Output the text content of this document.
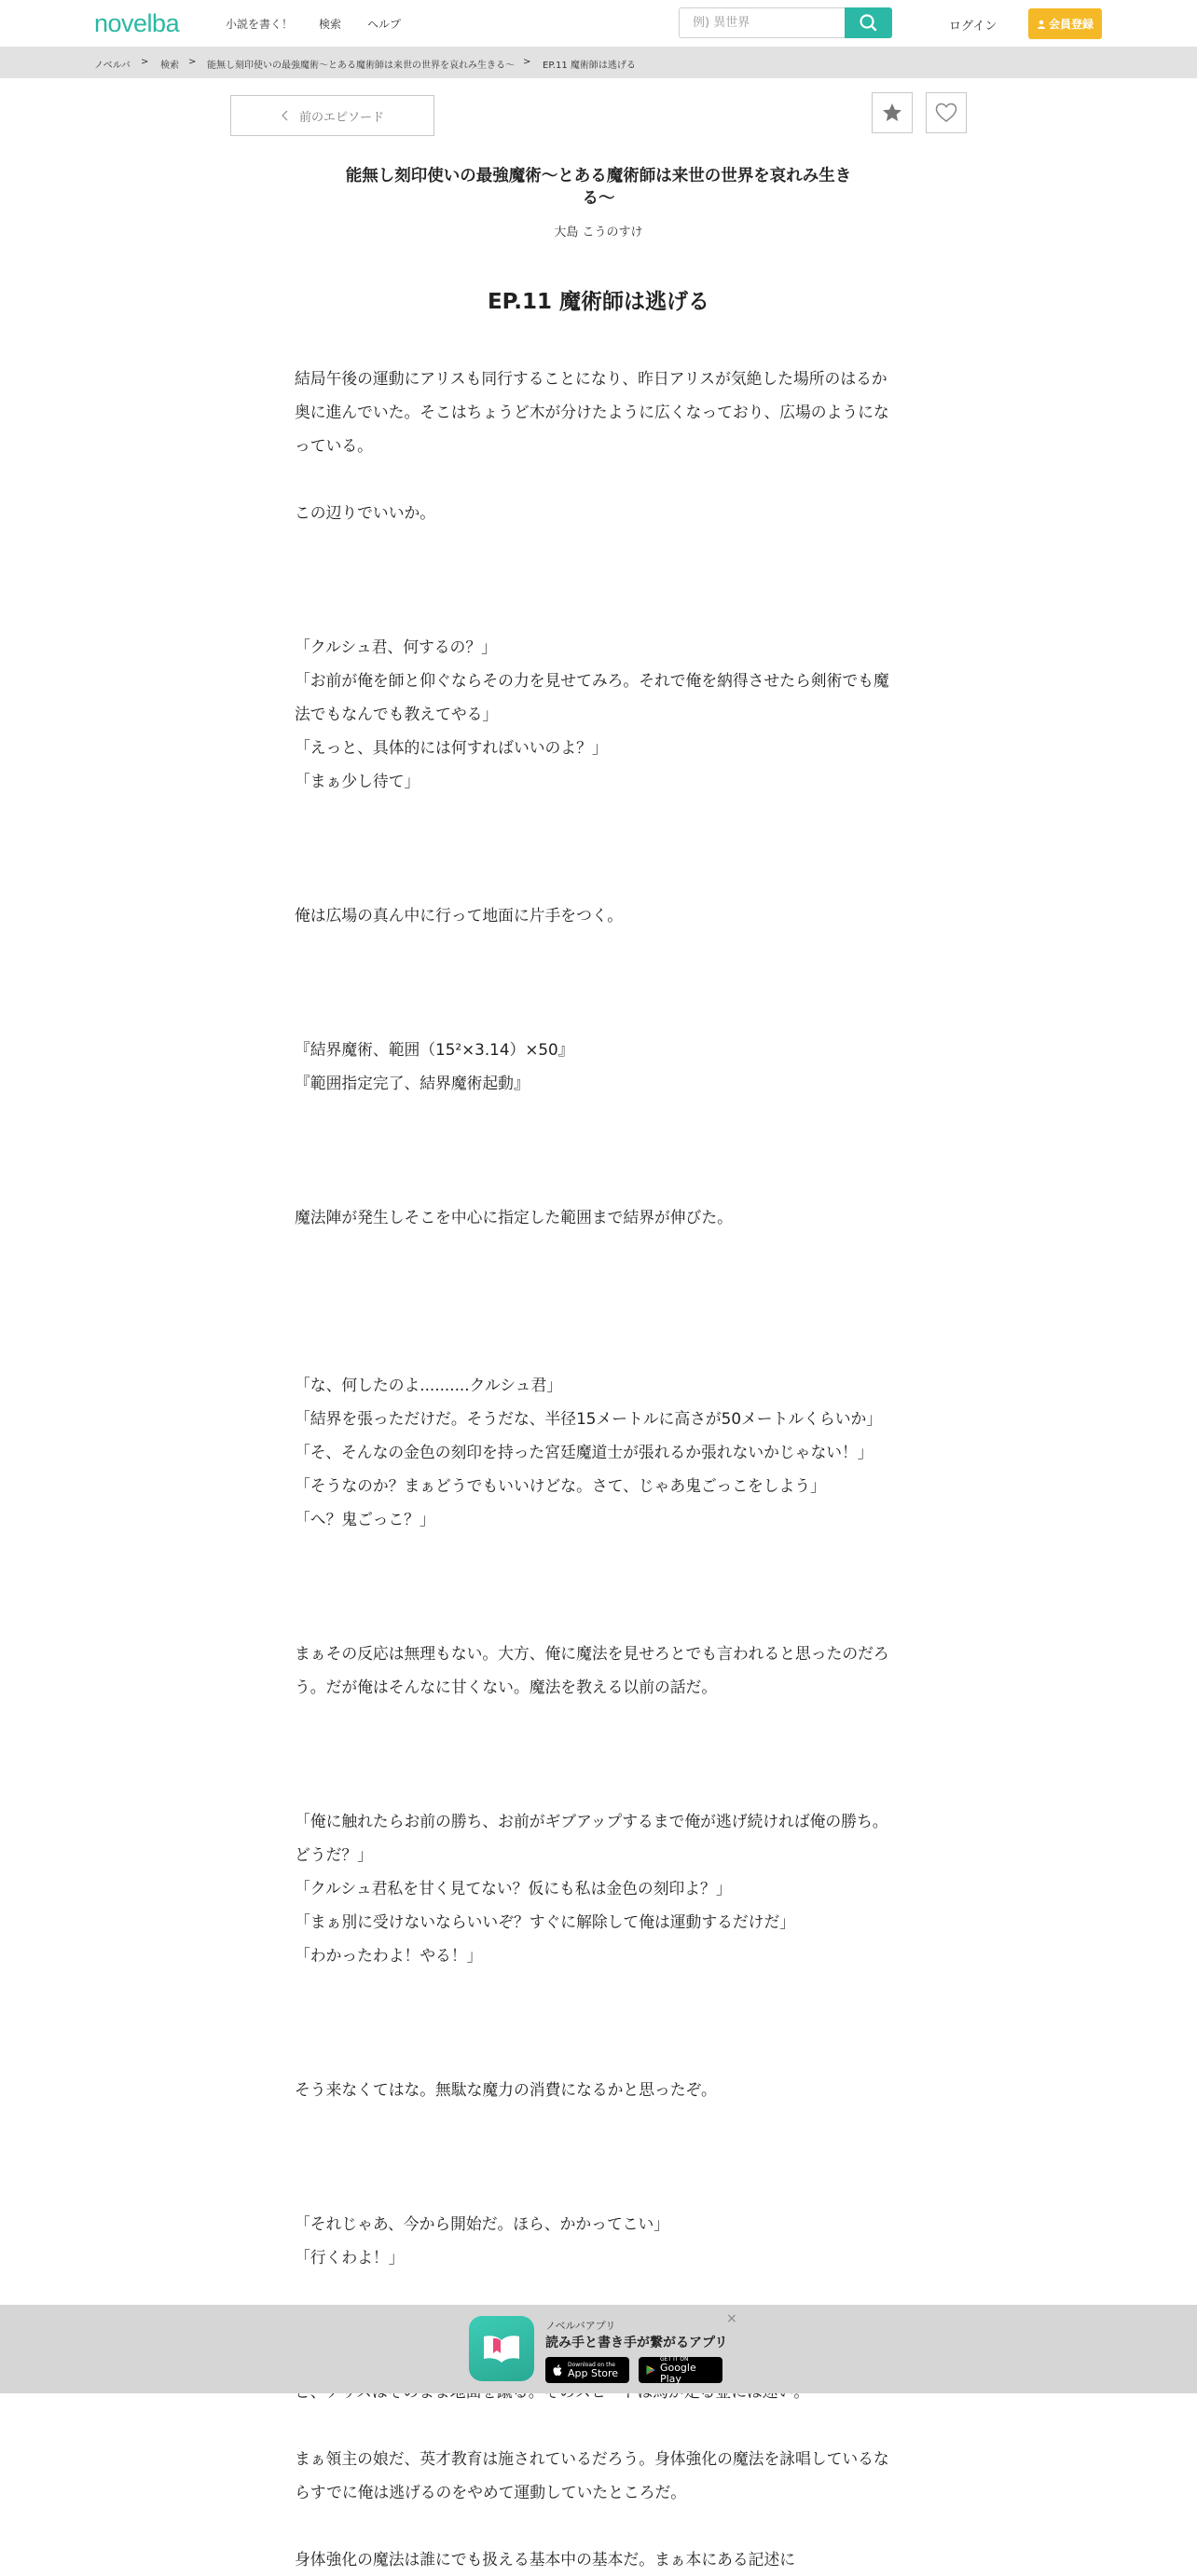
novelba	小説を書く！ 検索 ヘルプ
例) 異世界	ログイン	会員登録
ノベルバ > 検索 > 能無し刻印使いの最強魔術〜とある魔術師は来世の世界を哀れみ生きる〜 > EP.11 魔術師は逃げる
前のエピソード
能無し刻印使いの最強魔術〜とある魔術師は来世の世界を哀れみ生きる〜
大島 こうのすけ
EP.11 魔術師は逃げる

結局午後の運動にアリスも同行することになり、昨日アリスが気絶した場所のはるか奥に進んでいた。そこはちょうど木が分けたように広くなっており、広場のようになっている。

この辺りでいいか。

「クルシュ君、何するの？」

「お前が俺を師と仰ぐならその力を見せてみろ。それで俺を納得させたら剣術でも魔法でもなんでも教えてやる」

「えっと、具体的には何すればいいのよ？」

「まぁ少し待て」

俺は広場の真ん中に行って地面に片手をつく。

『結界魔術、範囲（15²×3.14）×50』

『範囲指定完了、結界魔術起動』

魔法陣が発生しそこを中心に指定した範囲まで結界が伸びた。

「な、何したのよ..........クルシュ君」

「結界を張っただけだ。そうだな、半径15メートルに高さが50メートルくらいか」

「そ、そんなの金色の刻印を持った宮廷魔道士が張れるか張れないかじゃない！」

「そうなのか？まぁどうでもいいけどな。さて、じゃあ鬼ごっこをしよう」

「へ？鬼ごっこ？」

まぁその反応は無理もない。大方、俺に魔法を見せろとでも言われると思ったのだろう。だが俺はそんなに甘くない。魔法を教える以前の話だ。

「俺に触れたらお前の勝ち、お前がギブアップするまで俺が逃げ続ければ俺の勝ち。どうだ？」

「クルシュ君私を甘く見てない？仮にも私は金色の刻印よ？」

「まぁ別に受けないならいいぞ？すぐに解除して俺は運動するだけだ」

「わかったわよ！やる！」

そう来なくてはな。無駄な魔力の消費になるかと思ったぞ。

「それじゃあ、今から開始だ。ほら、かかってこい」

「行くわよ！」

まぁ領主の娘だ、英才教育は施されているだろう。身体強化の魔法を詠唱しているならすでに俺は逃げるのをやめて運動していたところだ。

身体強化の魔法は誰にでも扱える基本中の基本だ。まぁ本にある記述に

ノベルバアプリ
読み手と書き手が繋がるアプリ
Download on the
App Store
GET IT ON
Google Play
×
